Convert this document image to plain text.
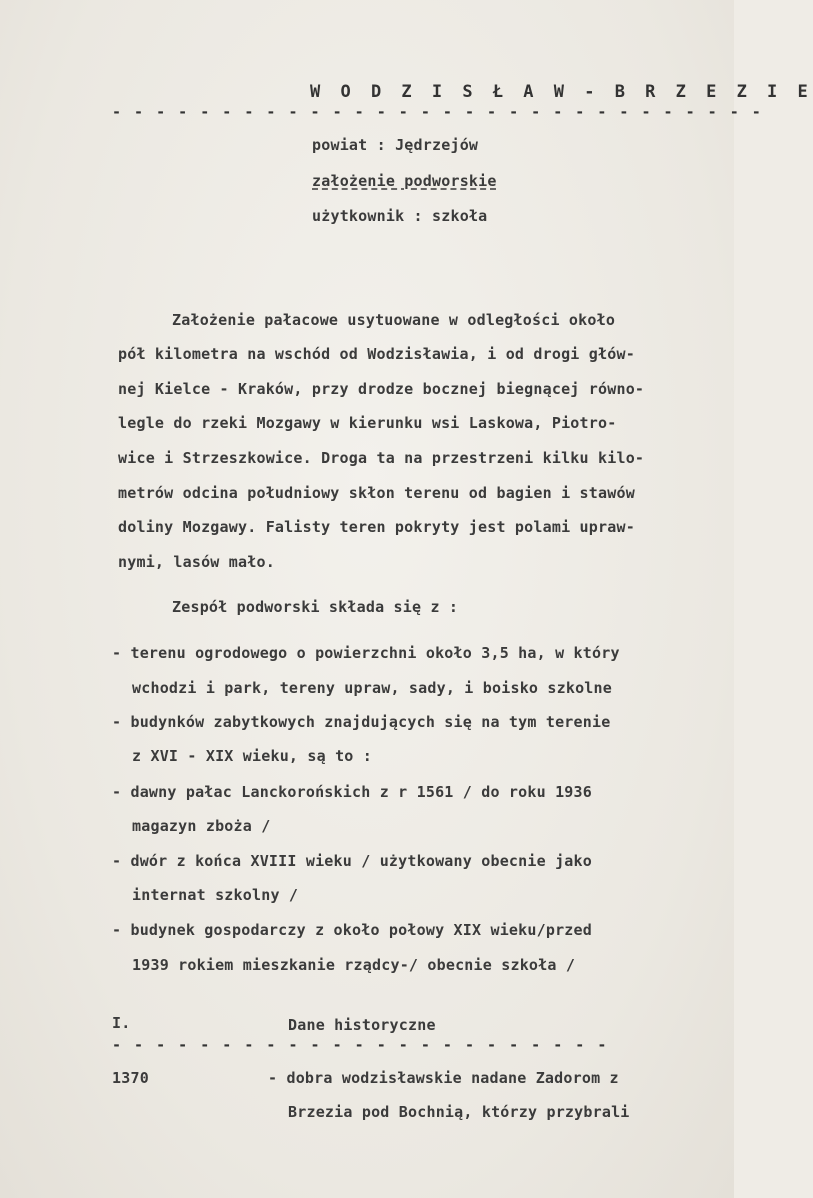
W O D Z I S Ł A W - B R Z E Z I E
- - - - - - - - - - - - - - - - - - - - - - - - - - - - - -
powiat : Jędrzejów
założenie podworskie
użytkownik : szkoła
Założenie pałacowe usytuowane w odległości około
pół kilometra na wschód od Wodzisławia, i od drogi głów-
nej Kielce - Kraków, przy drodze bocznej biegnącej równo-
legle do rzeki Mozgawy w kierunku wsi Laskowa, Piotro-
wice i Strzeszkowice. Droga ta na przestrzeni kilku kilo-
metrów odcina południowy skłon terenu od bagien i stawów
doliny Mozgawy. Falisty teren pokryty jest polami upraw-
nymi, lasów mało.
Zespół podworski składa się z :
- terenu ogrodowego o powierzchni około 3,5 ha, w który
wchodzi i park, tereny upraw, sady, i boisko szkolne
- budynków zabytkowych znajdujących się na tym terenie
z XVI - XIX wieku, są to :
- dawny pałac Lanckorońskich z r 1561 / do roku 1936
magazyn zboża /
- dwór z końca XVIII wieku / użytkowany obecnie jako
internat szkolny /
- budynek gospodarczy z około połowy XIX wieku/przed
1939 rokiem mieszkanie rządcy-/ obecnie szkoła /
I.	Dane historyczne
- - - - - - - - - - - - - - - - - - - - - - -
1370	- dobra wodzisławskie nadane Zadorom z
Brzezia pod Bochnią, którzy przybrali
